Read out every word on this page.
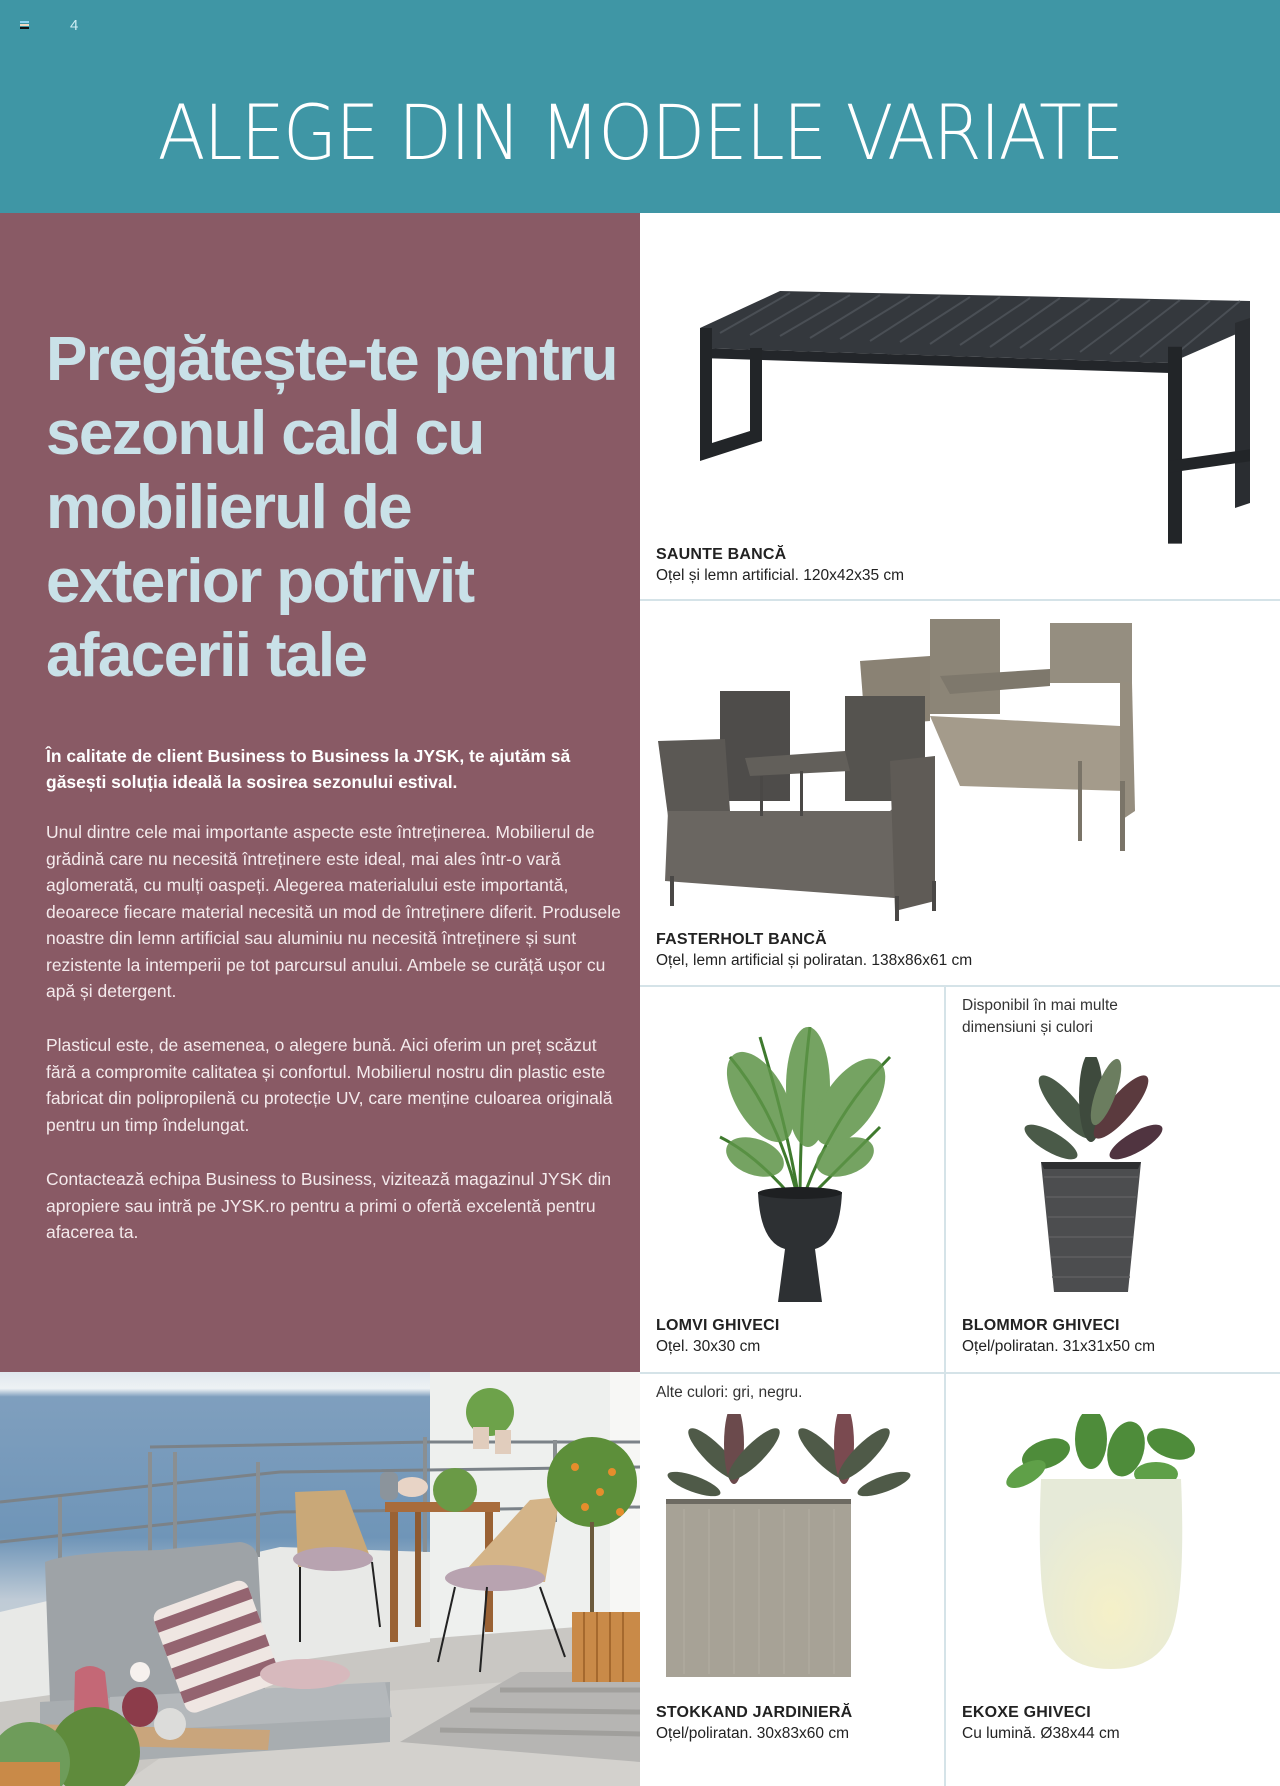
4
ALEGE DIN MODELE VARIATE
Pregătește-te pentru sezonul cald cu mobilierul de exterior potrivit afacerii tale
În calitate de client Business to Business la JYSK, te ajutăm să găsești soluția ideală la sosirea sezonului estival.
Unul dintre cele mai importante aspecte este întreținerea. Mobilierul de grădină care nu necesită întreținere este ideal, mai ales într-o vară aglomerată, cu mulți oaspeți. Alegerea materialului este importantă, deoarece fiecare material necesită un mod de întreținere diferit. Produsele noastre din lemn artificial sau aluminiu nu necesită întreținere și sunt rezistente la intemperii pe tot parcursul anului. Ambele se curăță ușor cu apă și detergent.
Plasticul este, de asemenea, o alegere bună. Aici oferim un preț scăzut fără a compromite calitatea și confortul. Mobilierul nostru din plastic este fabricat din polipropilenă cu protecție UV, care menține culoarea originală pentru un timp îndelungat.
Contactează echipa Business to Business, vizitează magazinul JYSK din apropiere sau intră pe JYSK.ro pentru a primi o ofertă excelentă pentru afacerea ta.
SAUNTE BANCĂ
Oțel și lemn artificial. 120x42x35 cm
FASTERHOLT BANCĂ
Oțel, lemn artificial și poliratan. 138x86x61 cm
LOMVI GHIVECI
Oțel. 30x30 cm
Disponibil în mai multe dimensiuni și culori
BLOMMOR GHIVECI
Oțel/poliratan. 31x31x50 cm
Alte culori: gri, negru.
STOKKAND JARDINIERĂ
Oțel/poliratan. 30x83x60 cm
EKOXE GHIVECI
Cu lumină. Ø38x44 cm
